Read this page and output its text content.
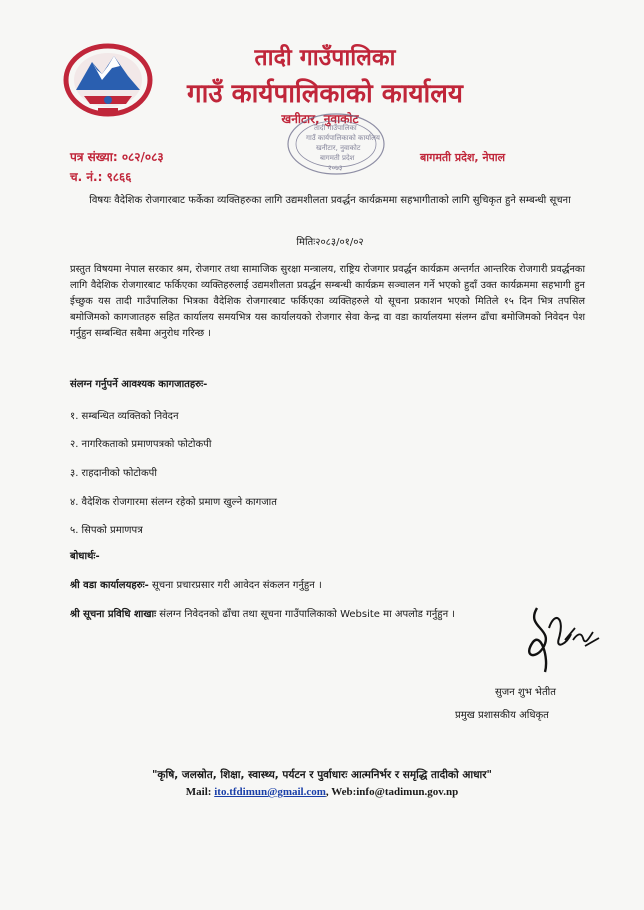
तादी गाउँपालिका
गाउँ कार्यपालिकाको कार्यालय
खनीटार, नुवाकोट
तादी गाउँपालिका
गाउँ कार्यपालिकाको कार्यालय
खनीटार, नुवाकोट
बागमती प्रदेश
२०७३
पत्र संख्या: ०८२/०८३
च. नं.: ९८६६
बागमती प्रदेश, नेपाल
विषयः वैदेशिक रोजगारबाट फर्केका व्यक्तिहरुका लागि उद्यमशीलता प्रवर्द्धन कार्यक्रममा सहभागीताको लागि सुचिकृत हुने सम्बन्धी सूचना
मितिः२०८३/०१/०२
प्रस्तुत विषयमा नेपाल सरकार श्रम, रोजगार तथा सामाजिक सुरक्षा मन्त्रालय, राष्ट्रिय रोजगार प्रवर्द्धन कार्यक्रम अन्तर्गत आन्तरिक रोजगारी प्रवर्द्धनका लागि वैदेशिक रोजगारबाट फर्किएका व्यक्तिहरुलाई उद्यमशीलता प्रवर्द्धन सम्बन्धी कार्यक्रम सञ्चालन गर्ने भएको हुदाँ उक्त कार्यक्रममा सहभागी हुन ईच्छुक यस तादी गाउँपालिका भित्रका वैदेशिक रोजगारबाट फर्किएका व्यक्तिहरुले यो सूचना प्रकाशन भएको मितिले १५ दिन भित्र तपसिल बमोजिमको कागजातहरु सहित कार्यालय समयभित्र यस कार्यालयको रोजगार सेवा केन्द्र वा वडा कार्यालयमा संलग्न ढाँचा बमोजिमको निवेदन पेश गर्नुहुन सम्बन्धित सबैमा अनुरोध गरिन्छ ।
संलग्न गर्नुपर्ने आवश्यक कागजातहरुः-
१. सम्बन्धित व्यक्तिको निवेदन
२. नागरिकताको प्रमाणपत्रको फोटोकपी
३. राहदानीको फोटोकपी
४. वैदेशिक रोजगारमा संलग्न रहेको प्रमाण खुल्ने कागजात
५. सिपको प्रमाणपत्र
बोधार्थः-
श्री वडा कार्यालयहरुः- सूचना प्रचारप्रसार गरी आवेदन संकलन गर्नुहुन ।
श्री सूचना प्रविधि शाखाः संलग्न निवेदनको ढाँचा तथा सूचना गाउँपालिकाको Website मा अपलोड गर्नुहुन ।
सुजन शुभ भेतीत
प्रमुख प्रशासकीय अधिकृत
"कृषि, जलस्रोत, शिक्षा, स्वास्थ्य, पर्यटन र पुर्वाधारः आत्मनिर्भर र समृद्धि तादीको आधार"
Mail: ito.tfdimun@gmail.com, Web:info@tadimun.gov.np
